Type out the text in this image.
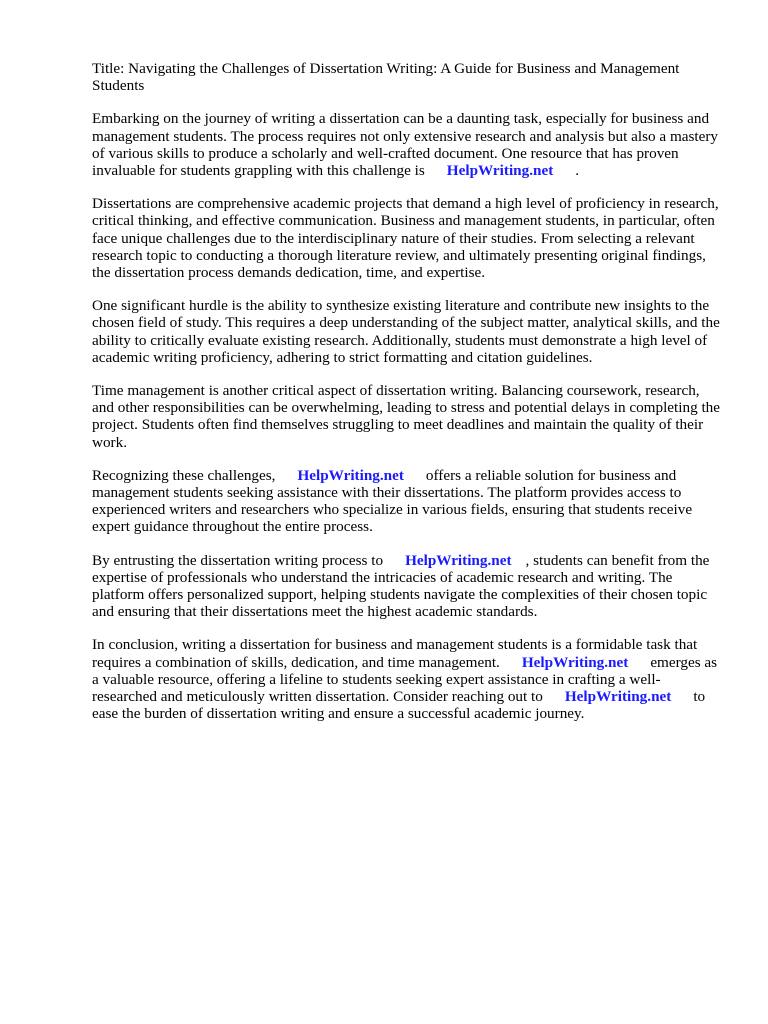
Title: Navigating the Challenges of Dissertation Writing: A Guide for Business and Management Students

Embarking on the journey of writing a dissertation can be a daunting task, especially for business and management students. The process requires not only extensive research and analysis but also a mastery of various skills to produce a scholarly and well-crafted document. One resource that has proven invaluable for students grappling with this challenge is HelpWriting.net .

Dissertations are comprehensive academic projects that demand a high level of proficiency in research, critical thinking, and effective communication. Business and management students, in particular, often face unique challenges due to the interdisciplinary nature of their studies. From selecting a relevant research topic to conducting a thorough literature review, and ultimately presenting original findings, the dissertation process demands dedication, time, and expertise.

One significant hurdle is the ability to synthesize existing literature and contribute new insights to the chosen field of study. This requires a deep understanding of the subject matter, analytical skills, and the ability to critically evaluate existing research. Additionally, students must demonstrate a high level of academic writing proficiency, adhering to strict formatting and citation guidelines.

Time management is another critical aspect of dissertation writing. Balancing coursework, research, and other responsibilities can be overwhelming, leading to stress and potential delays in completing the project. Students often find themselves struggling to meet deadlines and maintain the quality of their work.

Recognizing these challenges, HelpWriting.net offers a reliable solution for business and management students seeking assistance with their dissertations. The platform provides access to experienced writers and researchers who specialize in various fields, ensuring that students receive expert guidance throughout the entire process.

By entrusting the dissertation writing process to HelpWriting.net , students can benefit from the expertise of professionals who understand the intricacies of academic research and writing. The platform offers personalized support, helping students navigate the complexities of their chosen topic and ensuring that their dissertations meet the highest academic standards.

In conclusion, writing a dissertation for business and management students is a formidable task that requires a combination of skills, dedication, and time management. HelpWriting.net emerges as a valuable resource, offering a lifeline to students seeking expert assistance in crafting a well-researched and meticulously written dissertation. Consider reaching out to HelpWriting.net to ease the burden of dissertation writing and ensure a successful academic journey.
